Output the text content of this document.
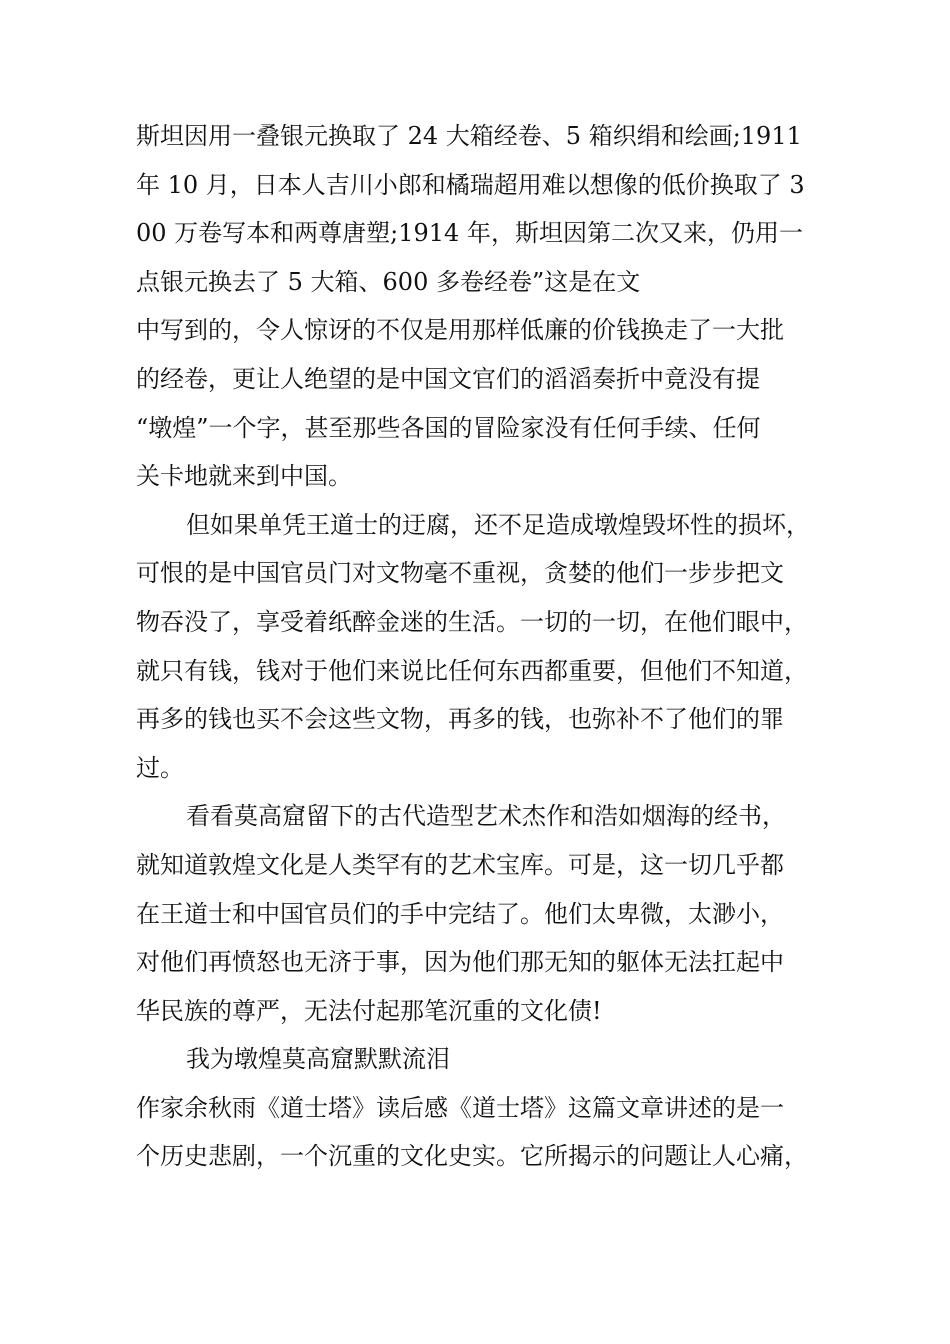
斯坦因用一叠银元换取了 24 大箱经卷、5 箱织绢和绘画;1911
年 10 月，日本人吉川小郎和橘瑞超用难以想像的低价换取了 3
00 万卷写本和两尊唐塑;1914 年，斯坦因第二次又来，仍用一
点银元换去了 5 大箱、600 多卷经卷”这是在文
中写到的，令人惊讶的不仅是用那样低廉的价钱换走了一大批
的经卷，更让人绝望的是中国文官们的滔滔奏折中竟没有提
“墩煌”一个字，甚至那些各国的冒险家没有任何手续、任何
关卡地就来到中国。
但如果单凭王道士的迂腐，还不足造成墩煌毁坏性的损坏，
可恨的是中国官员门对文物毫不重视，贪婪的他们一步步把文
物吞没了，享受着纸醉金迷的生活。一切的一切，在他们眼中，
就只有钱，钱对于他们来说比任何东西都重要，但他们不知道，
再多的钱也买不会这些文物，再多的钱，也弥补不了他们的罪
过。
看看莫高窟留下的古代造型艺术杰作和浩如烟海的经书，
就知道敦煌文化是人类罕有的艺术宝库。可是，这一切几乎都
在王道士和中国官员们的手中完结了。他们太卑微，太渺小，
对他们再愤怒也无济于事，因为他们那无知的躯体无法扛起中
华民族的尊严，无法付起那笔沉重的文化债!
我为墩煌莫高窟默默流泪
作家余秋雨《道士塔》读后感《道士塔》这篇文章讲述的是一
个历史悲剧，一个沉重的文化史实。它所揭示的问题让人心痛，
